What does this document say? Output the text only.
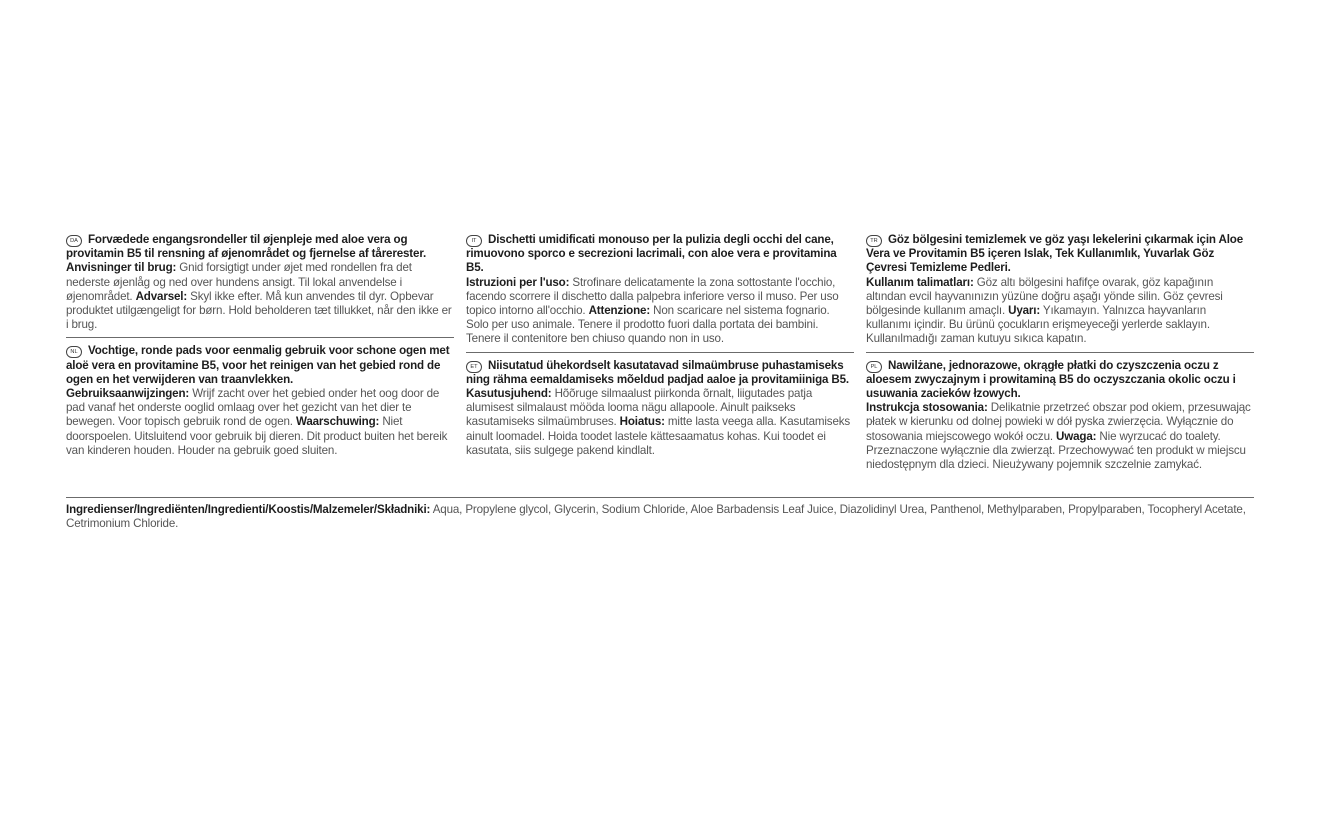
DA Forvædede engangsrondeller til øjenpleje med aloe vera og provitamin B5 til rensning af øjenområdet og fjernelse af tårerester.
Anvisninger til brug: Gnid forsigtigt under øjet med rondellen fra det nederste øjenlåg og ned over hundens ansigt. Til lokal anvendelse i øjenområdet. Advarsel: Skyl ikke efter. Må kun anvendes til dyr. Opbevar produktet utilgængeligt for børn. Hold beholderen tæt tillukket, når den ikke er i brug.
NL Vochtige, ronde pads voor eenmalig gebruik voor schone ogen met aloë vera en provitamine B5, voor het reinigen van het gebied rond de ogen en het verwijderen van traanvlekken.
Gebruiksaanwijzingen: Wrijf zacht over het gebied onder het oog door de pad vanaf het onderste ooglid omlaag over het gezicht van het dier te bewegen. Voor topisch gebruik rond de ogen. Waarschuwing: Niet doorspoelen. Uitsluitend voor gebruik bij dieren. Dit product buiten het bereik van kinderen houden. Houder na gebruik goed sluiten.
IT Dischetti umidificati monouso per la pulizia degli occhi del cane, rimuovono sporco e secrezioni lacrimali, con aloe vera e provitamina B5.
Istruzioni per l'uso: Strofinare delicatamente la zona sottostante l'occhio, facendo scorrere il dischetto dalla palpebra inferiore verso il muso. Per uso topico intorno all'occhio. Attenzione: Non scaricare nel sistema fognario. Solo per uso animale. Tenere il prodotto fuori dalla portata dei bambini. Tenere il contenitore ben chiuso quando non in uso.
ET Niisutatud ühekordselt kasutatavad silmaümbruse puhastamiseks ning rähma eemaldamiseks mõeldud padjad aaloe ja provitamiiniga B5.
Kasutusjuhend: Hõõruge silmaalust piirkonda õrnalt, liigutades patja alumisest silmalaust mööda looma nägu allapoole. Ainult paikseks kasutamiseks silmaümbruses. Hoiatus: mitte lasta veega alla. Kasutamiseks ainult loomadel. Hoida toodet lastele kättesaamatus kohas. Kui toodet ei kasutata, siis sulgege pakend kindlalt.
TR Göz bölgesini temizlemek ve göz yaşı lekelerini çıkarmak için Aloe Vera ve Provitamin B5 içeren Islak, Tek Kullanımlık, Yuvarlak Göz Çevresi Temizleme Pedleri.
Kullanım talimatları: Göz altı bölgesini hafifçe ovarak, göz kapağının altından evcil hayvanınızın yüzüne doğru aşağı yönde silin. Göz çevresi bölgesinde kullanım amaçlı. Uyarı: Yıkamayın. Yalnızca hayvanların kullanımı içindir. Bu ürünü çocukların erişmeyeceği yerlerde saklayın. Kullanılmadığı zaman kutuyu sıkıca kapatın.
PL Nawilżane, jednorazowe, okrągłe płatki do czyszczenia oczu z aloesem zwyczajnym i prowitaminą B5 do oczyszczania okolic oczu i usuwania zacieków łzowych.
Instrukcja stosowania: Delikatnie przetrzeć obszar pod okiem, przesuwając płatek w kierunku od dolnej powieki w dół pyska zwierzęcia. Wyłącznie do stosowania miejscowego wokół oczu. Uwaga: Nie wyrzucać do toalety. Przeznaczone wyłącznie dla zwierząt. Przechowywać ten produkt w miejscu niedostępnym dla dzieci. Nieużywany pojemnik szczelnie zamykać.
Ingredienser/Ingrediënten/Ingredienti/Koostis/Malzemeler/Składniki: Aqua, Propylene glycol, Glycerin, Sodium Chloride, Aloe Barbadensis Leaf Juice, Diazolidinyl Urea, Panthenol, Methylparaben, Propylparaben, Tocopheryl Acetate, Cetrimonium Chloride.
